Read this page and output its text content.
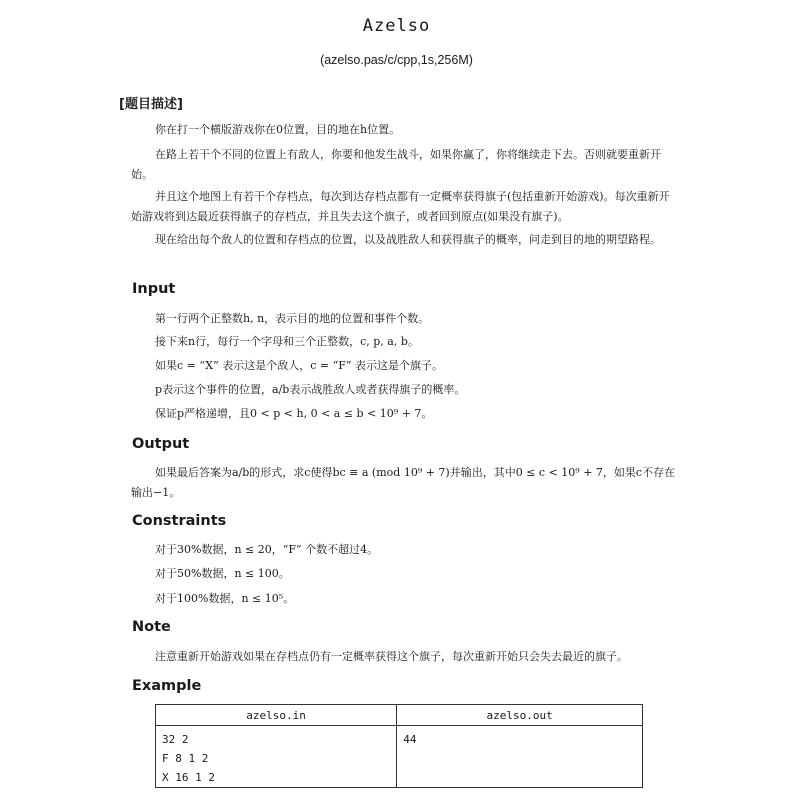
Azelso
(azelso.pas/c/cpp,1s,256M)
[题目描述]
你在打一个横版游戏你在0位置，目的地在h位置。
在路上若干个不同的位置上有敌人，你要和他发生战斗，如果你赢了，你将继续走下去。否则就要重新开始。
并且这个地图上有若干个存档点，每次到达存档点都有一定概率获得旗子(包括重新开始游戏)。每次重新开始游戏将到达最近获得旗子的存档点，并且失去这个旗子，或者回到原点(如果没有旗子)。
现在给出每个敌人的位置和存档点的位置，以及战胜敌人和获得旗子的概率，问走到目的地的期望路程。
Input
第一行两个正整数h, n，表示目的地的位置和事件个数。
接下来n行，每行一个字母和三个正整数，c, p, a, b。
如果c = “X” 表示这是个敌人，c = “F” 表示这是个旗子。
p表示这个事件的位置，a/b表示战胜敌人或者获得旗子的概率。
保证p严格递增，且0 < p < h, 0 < a ≤ b < 10⁹ + 7。
Output
如果最后答案为a/b的形式，求c使得bc ≡ a (mod 10⁹ + 7)并输出，其中0 ≤ c < 10⁹ + 7，如果c不存在输出−1。
Constraints
对于30%数据，n ≤ 20，“F” 个数不超过4。
对于50%数据，n ≤ 100。
对于100%数据，n ≤ 10⁵。
Note
注意重新开始游戏如果在存档点仍有一定概率获得这个旗子，每次重新开始只会失去最近的旗子。
Example
azelso.in	azelso.out
32 2
F 8 1 2
X 16 1 2	44
